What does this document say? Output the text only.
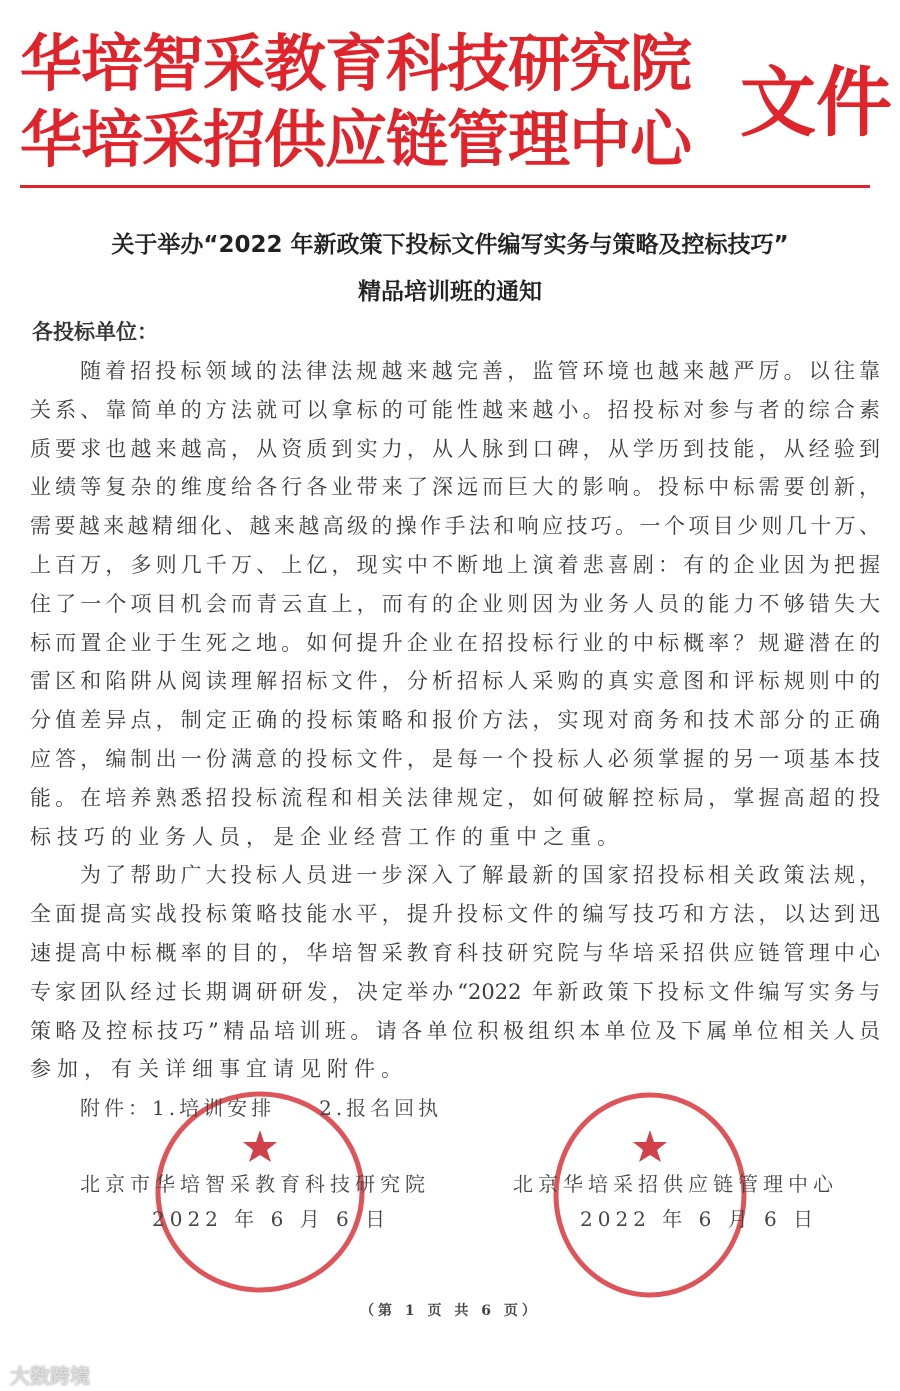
华培智采教育科技研究院
华培采招供应链管理中心 文件
关于举办“2022 年新政策下投标文件编写实务与策略及控标技巧”
精品培训班的通知
各投标单位：
随着招投标领域的法律法规越来越完善，监管环境也越来越严厉。以往靠
关系、靠简单的方法就可以拿标的可能性越来越小。招投标对参与者的综合素
质要求也越来越高，从资质到实力，从人脉到口碑，从学历到技能，从经验到
业绩等复杂的维度给各行各业带来了深远而巨大的影响。投标中标需要创新，
需要越来越精细化、越来越高级的操作手法和响应技巧。一个项目少则几十万、
上百万，多则几千万、上亿，现实中不断地上演着悲喜剧：有的企业因为把握
住了一个项目机会而青云直上，而有的企业则因为业务人员的能力不够错失大
标而置企业于生死之地。如何提升企业在招投标行业的中标概率？规避潜在的
雷区和陷阱从阅读理解招标文件，分析招标人采购的真实意图和评标规则中的
分值差异点，制定正确的投标策略和报价方法，实现对商务和技术部分的正确
应答，编制出一份满意的投标文件，是每一个投标人必须掌握的另一项基本技
能。在培养熟悉招投标流程和相关法律规定，如何破解控标局，掌握高超的投
标技巧的业务人员，是企业经营工作的重中之重。
为了帮助广大投标人员进一步深入了解最新的国家招投标相关政策法规，
全面提高实战投标策略技能水平，提升投标文件的编写技巧和方法，以达到迅
速提高中标概率的目的，华培智采教育科技研究院与华培采招供应链管理中心
专家团队经过长期调研研发，决定举办“2022 年新政策下投标文件编写实务与
策略及控标技巧”精品培训班。请各单位积极组织本单位及下属单位相关人员
参加，有关详细事宜请见附件。
附件：1.培训安排 2.报名回执
北京市华培智采教育科技研究院
2022 年 6 月 6 日
北京华培采招供应链管理中心
2022 年 6 月 6 日
（第 1 页 共 6 页）
大数跨境
